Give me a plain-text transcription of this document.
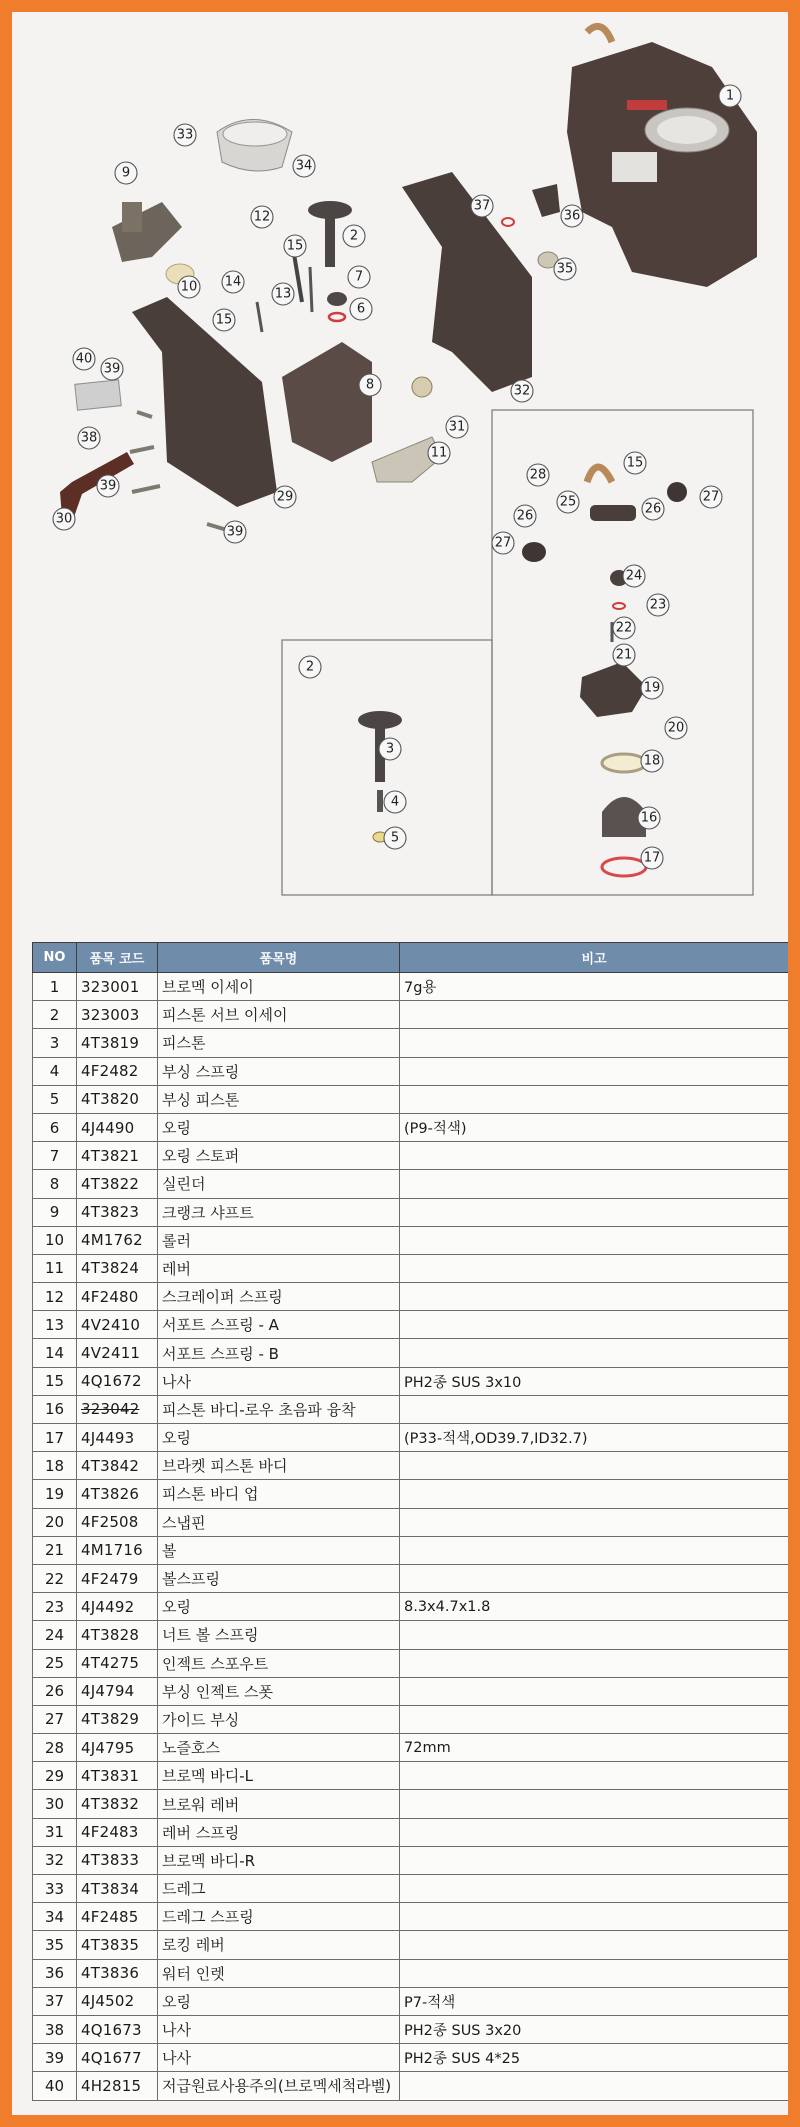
1
2
3
4
5
2
6
7
8
9
10
11
12
13
14
15
15
15
16
17
18
19
20
21
22
23
24
25
26	26
27
27
28
29
30
31
32
33
34
35
36
37
38
39
39
39
40
NO	품목 코드	품목명	비고
1	323001	브로멕 이세이	7g용
2	323003	피스톤 서브 이세이	
3	4T3819	피스톤	
4	4F2482	부싱 스프링	
5	4T3820	부싱 피스톤	
6	4J4490	오링	(P9-적색)
7	4T3821	오링 스토퍼	
8	4T3822	실린더	
9	4T3823	크랭크 샤프트	
10	4M1762	롤러	
11	4T3824	레버	
12	4F2480	스크레이퍼 스프링	
13	4V2410	서포트 스프링 - A	
14	4V2411	서포트 스프링 - B	
15	4Q1672	나사	PH2종 SUS 3x10
16	323042	피스톤 바디-로우 초음파 융착	
17	4J4493	오링	(P33-적색,OD39.7,ID32.7)
18	4T3842	브라켓 피스톤 바디	
19	4T3826	피스톤 바디 업	
20	4F2508	스냅핀	
21	4M1716	볼	
22	4F2479	볼스프링	
23	4J4492	오링	8.3x4.7x1.8
24	4T3828	너트 볼 스프링	
25	4T4275	인젝트 스포우트	
26	4J4794	부싱 인젝트 스폿	
27	4T3829	가이드 부싱	
28	4J4795	노즐호스	72mm
29	4T3831	브로멕 바디-L	
30	4T3832	브로워 레버	
31	4F2483	레버 스프링	
32	4T3833	브로멕 바디-R	
33	4T3834	드레그	
34	4F2485	드레그 스프링	
35	4T3835	로킹 레버	
36	4T3836	워터 인렛	
37	4J4502	오링	P7-적색
38	4Q1673	나사	PH2종 SUS 3x20
39	4Q1677	나사	PH2종 SUS 4*25
40	4H2815	저급원료사용주의(브로멕세척라벨)	
